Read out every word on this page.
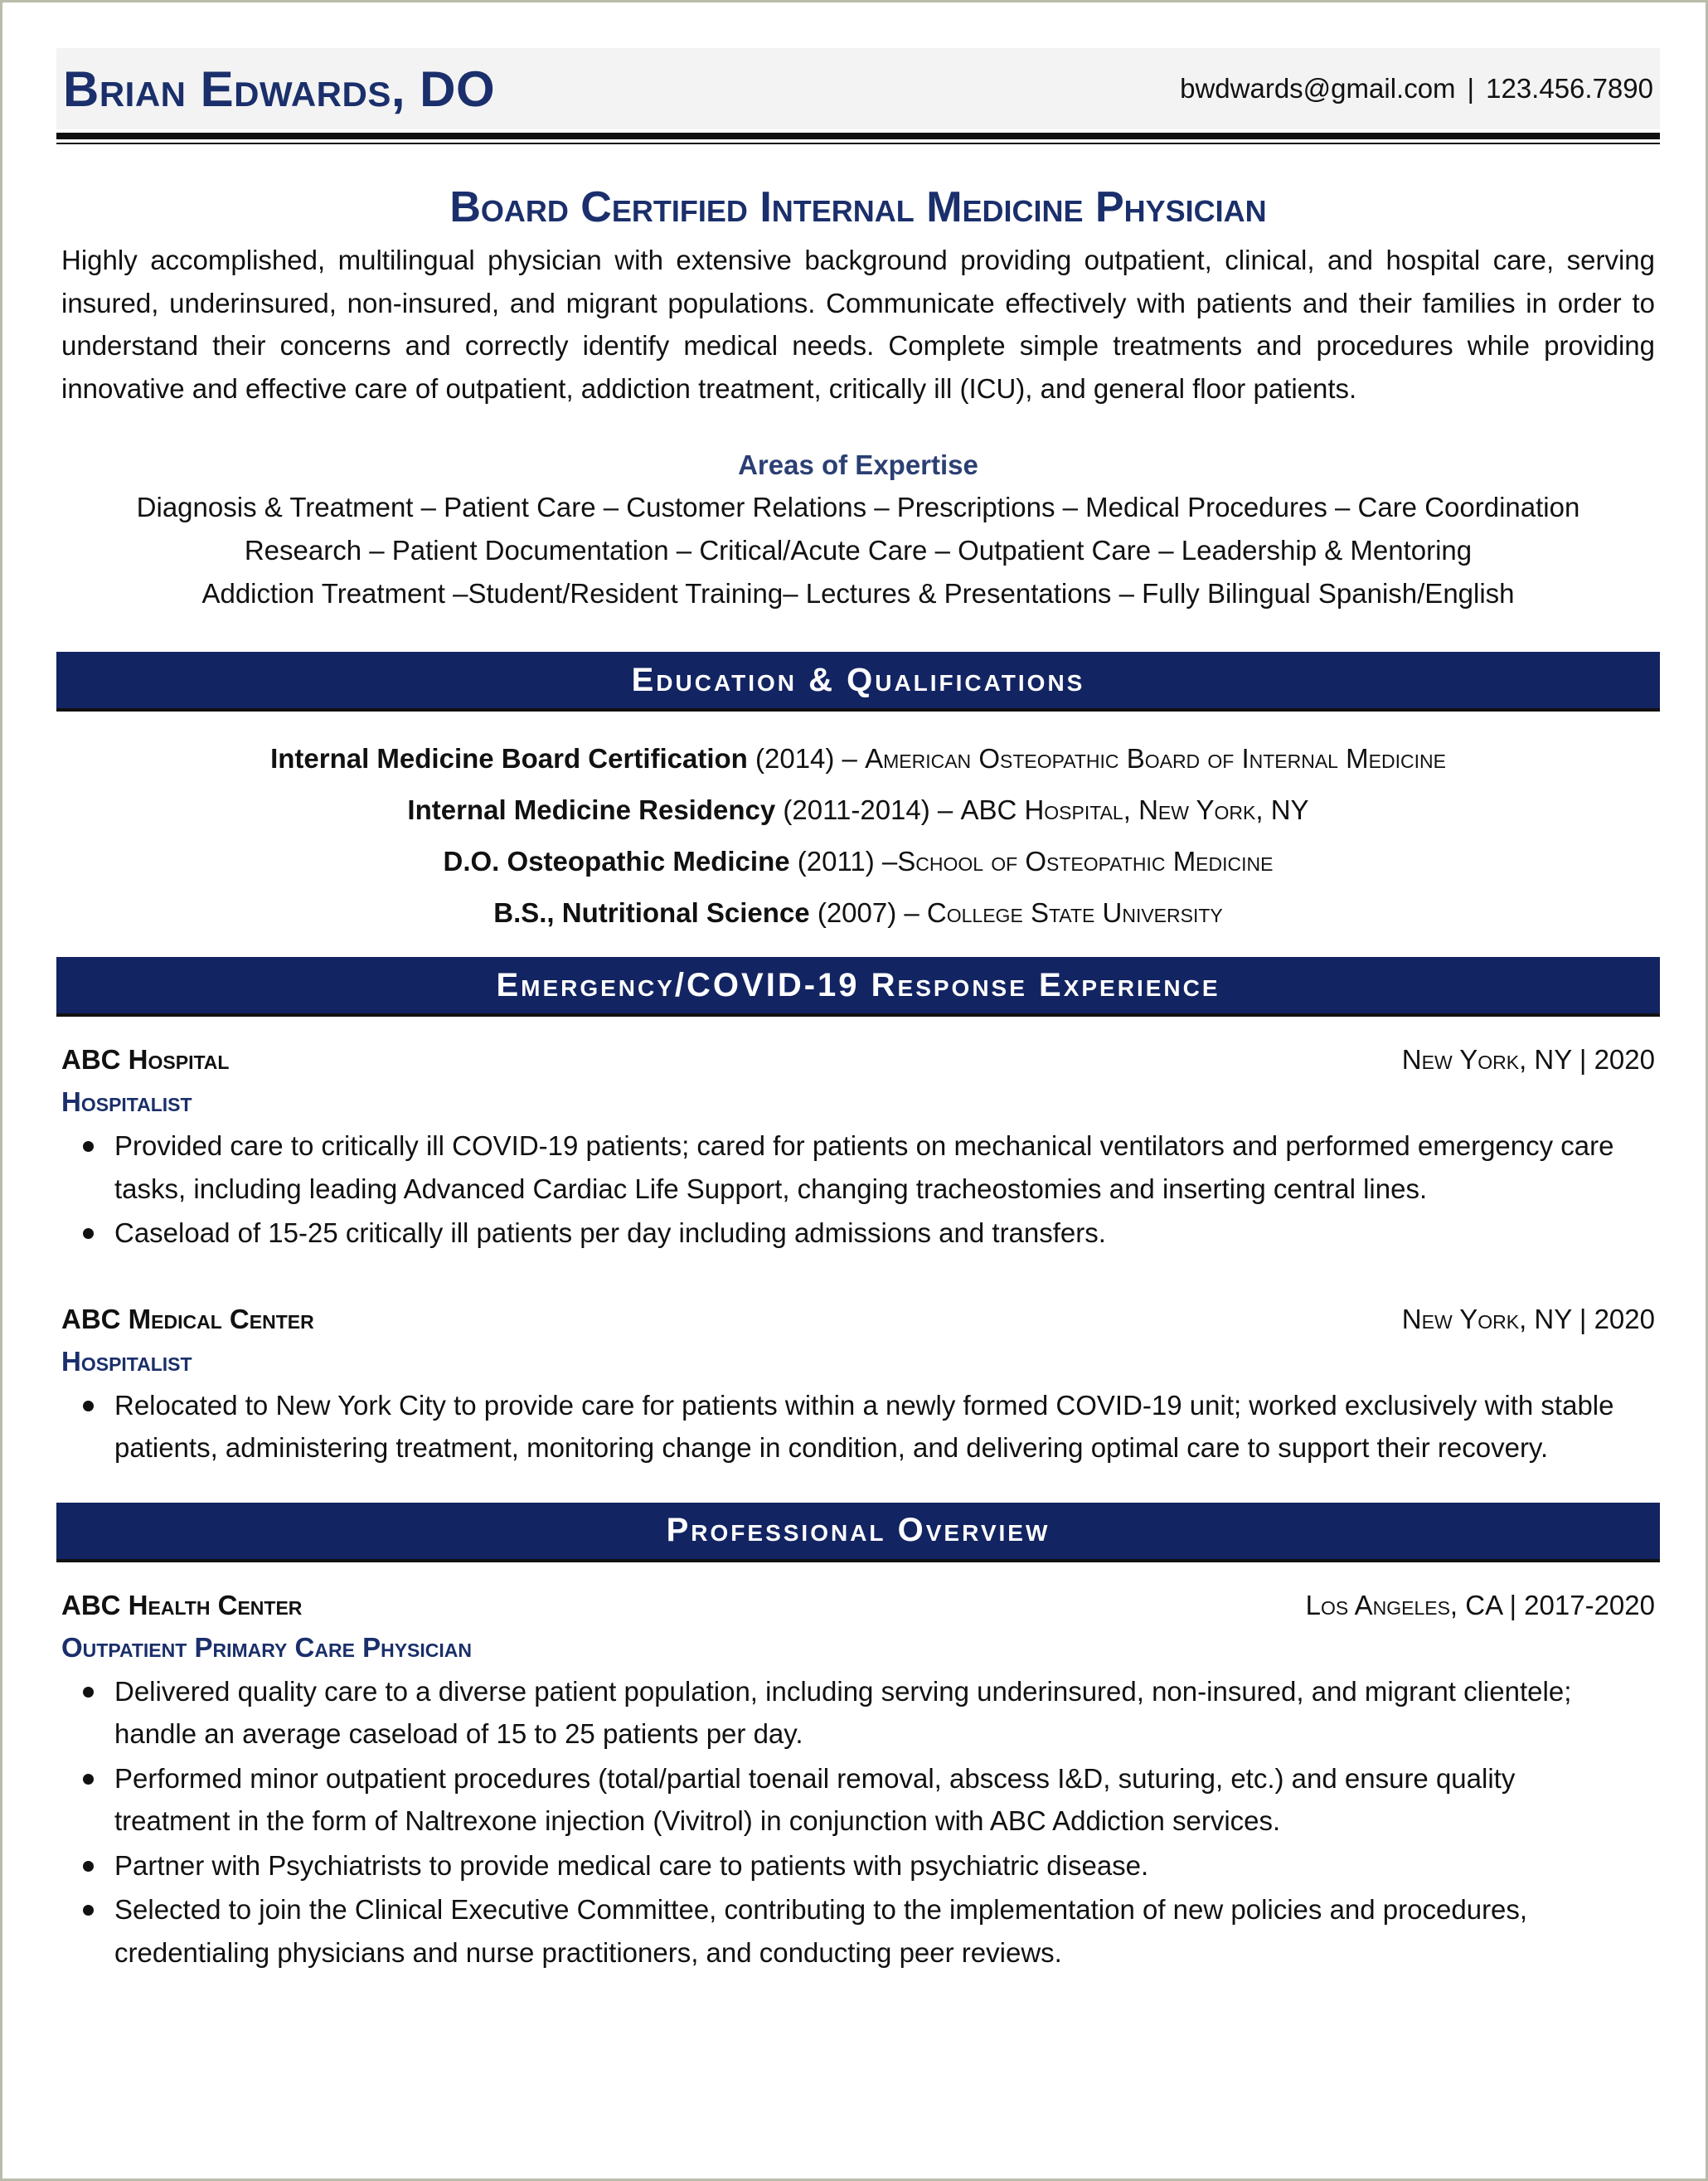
Brian Edwards, DO	bwdwards@gmail.com | 123.456.7890
Board Certified Internal Medicine Physician

Highly accomplished, multilingual physician with extensive background providing outpatient, clinical, and hospital care, serving insured, underinsured, non-insured, and migrant populations. Communicate effectively with patients and their families in order to understand their concerns and correctly identify medical needs. Complete simple treatments and procedures while providing innovative and effective care of outpatient, addiction treatment, critically ill (ICU), and general floor patients.

Areas of Expertise
Diagnosis & Treatment – Patient Care – Customer Relations – Prescriptions – Medical Procedures – Care Coordination
Research – Patient Documentation – Critical/Acute Care – Outpatient Care – Leadership & Mentoring
Addiction Treatment –Student/Resident Training– Lectures & Presentations – Fully Bilingual Spanish/English
Education & Qualifications
Internal Medicine Board Certification (2014) – American Osteopathic Board of Internal Medicine
Internal Medicine Residency (2011-2014) – ABC Hospital, New York, NY
D.O. Osteopathic Medicine (2011) –School of Osteopathic Medicine
B.S., Nutritional Science (2007) – College State University
Emergency/COVID-19 Response Experience
ABC Hospital	New York, NY | 2020
Hospitalist
Provided care to critically ill COVID-19 patients; cared for patients on mechanical ventilators and performed emergency care tasks, including leading Advanced Cardiac Life Support, changing tracheostomies and inserting central lines.
Caseload of 15-25 critically ill patients per day including admissions and transfers.
ABC Medical Center	New York, NY | 2020
Hospitalist
Relocated to New York City to provide care for patients within a newly formed COVID-19 unit; worked exclusively with stable patients, administering treatment, monitoring change in condition, and delivering optimal care to support their recovery.
Professional Overview
ABC Health Center	Los Angeles, CA | 2017-2020
Outpatient Primary Care Physician
Delivered quality care to a diverse patient population, including serving underinsured, non-insured, and migrant clientele; handle an average caseload of 15 to 25 patients per day.
Performed minor outpatient procedures (total/partial toenail removal, abscess I&D, suturing, etc.) and ensure quality treatment in the form of Naltrexone injection (Vivitrol) in conjunction with ABC Addiction services.
Partner with Psychiatrists to provide medical care to patients with psychiatric disease.
Selected to join the Clinical Executive Committee, contributing to the implementation of new policies and procedures, credentialing physicians and nurse practitioners, and conducting peer reviews.
